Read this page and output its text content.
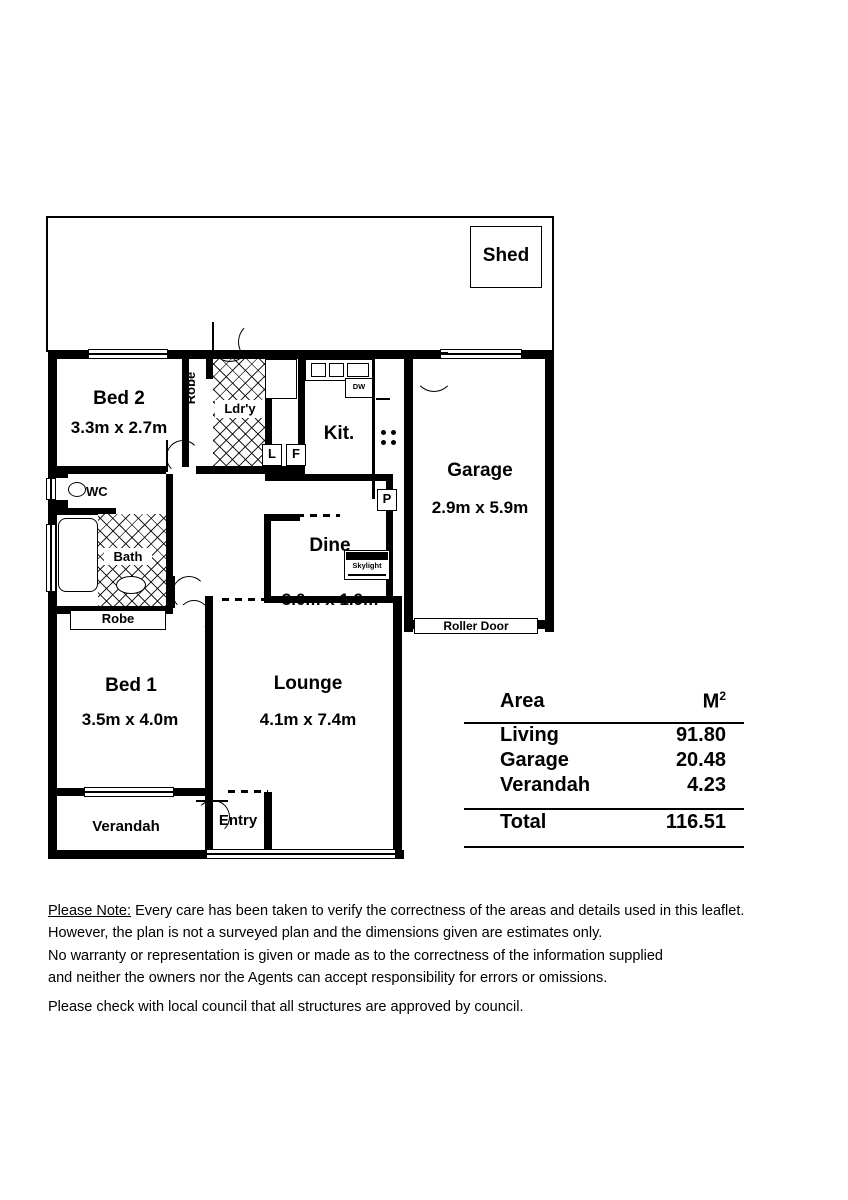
Shed
Robe
Ldr'y
L	F
Bath
WC
DW
P
Roller Door
Skylight
Bed 2
3.3m x 2.7m
Robe
Kit.
Garage
2.9m x 5.9m
Dine
3.0m x 1.9m
Bed 1
3.5m x 4.0m
Lounge
4.1m x 7.4m
Verandah	Entry
Area	$M^2$

Living	91.80
Garage	20.48
Verandah	4.23

Total	116.51
Please Note: Every care has been taken to verify the correctness of the areas and details used in this leaflet.
However, the plan is not a surveyed plan and the dimensions given are estimates only.
No warranty or representation is given or made as to the correctness of the information supplied
and neither the owners nor the Agents can accept responsibility for errors or omissions.
Please check with local council that all structures are approved by council.
